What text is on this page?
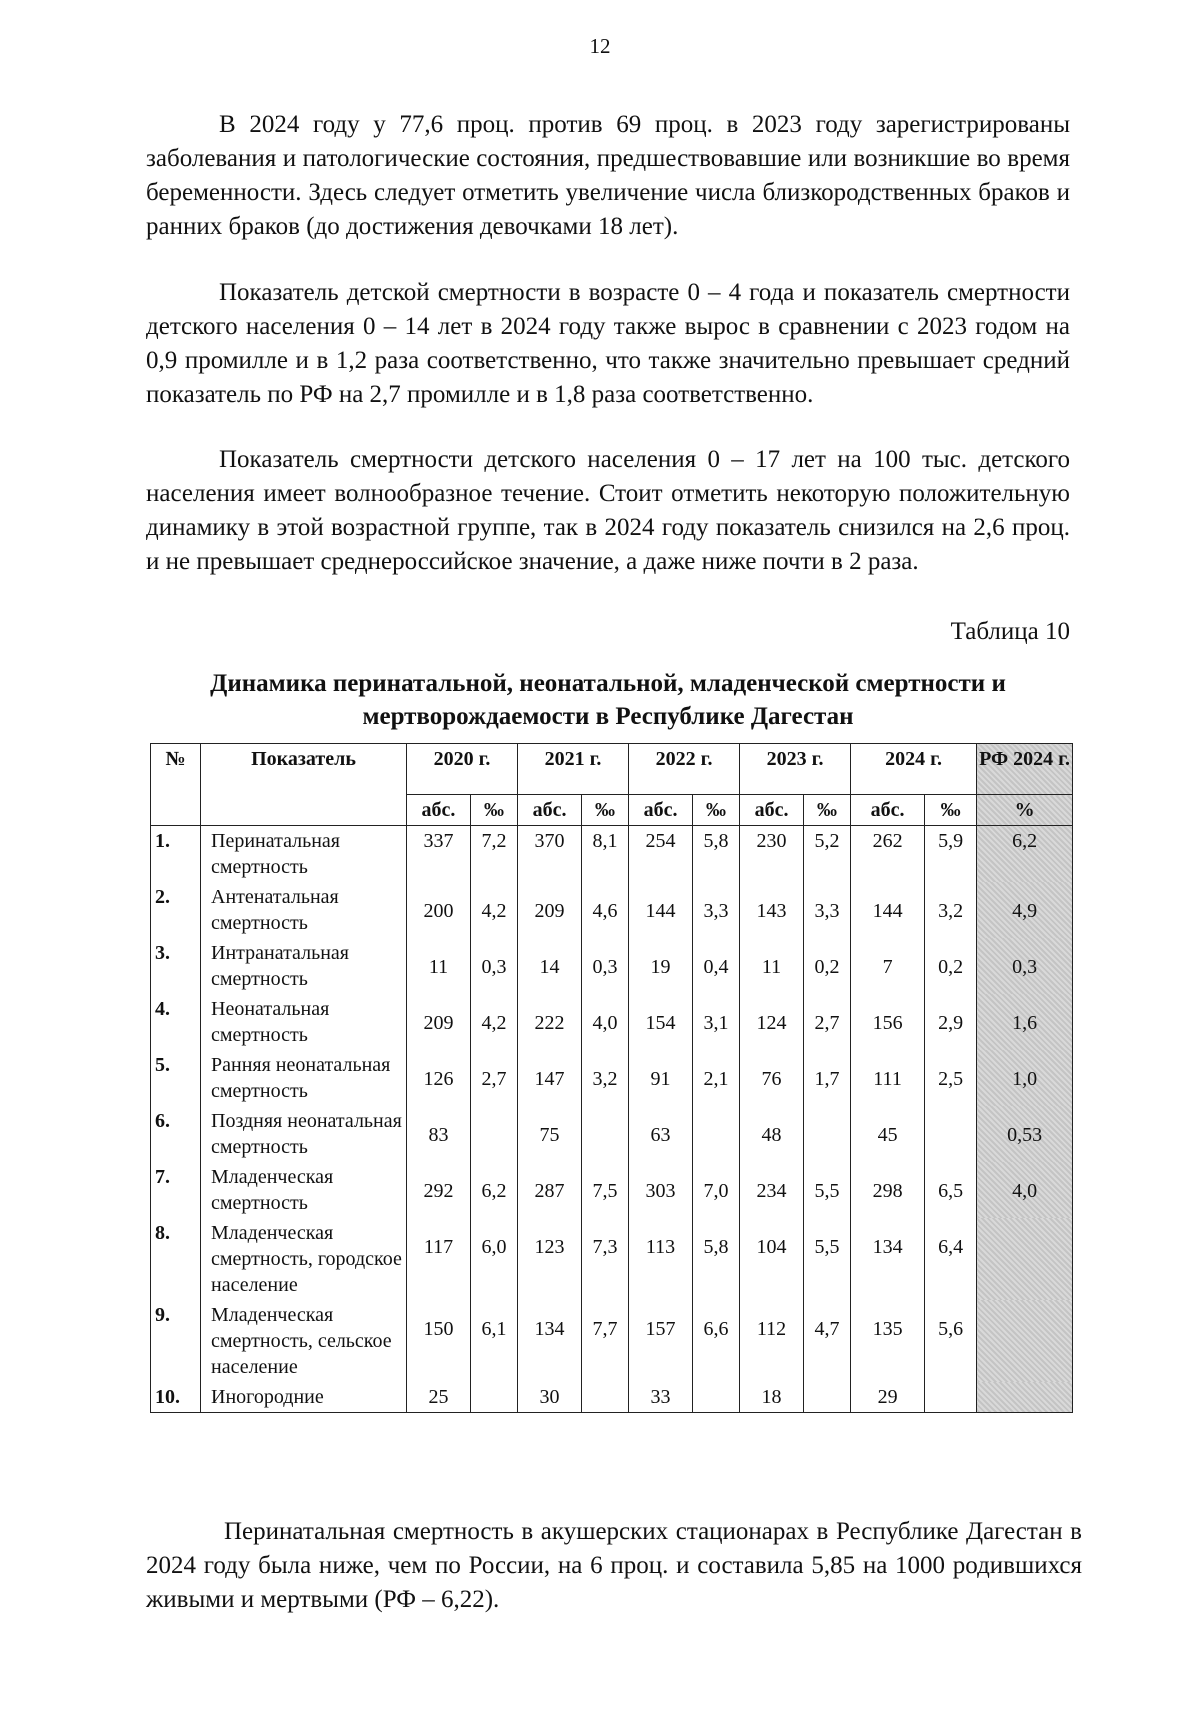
12

В 2024 году у 77,6 проц. против 69 проц. в 2023 году зарегистрированы заболевания и патологические состояния, предшествовавшие или возникшие во время беременности. Здесь следует отметить увеличение числа близкородственных браков и ранних браков (до достижения девочками 18 лет).

Показатель детской смертности в возрасте 0 – 4 года и показатель смертности детского населения 0 – 14 лет в 2024 году также вырос в сравнении с 2023 годом на 0,9 промилле и в 1,2 раза соответственно, что также значительно превышает средний показатель по РФ на 2,7 промилле и в 1,8 раза соответственно.

Показатель смертности детского населения 0 – 17 лет на 100 тыс. детского населения имеет волнообразное течение. Стоит отметить некоторую положительную динамику в этой возрастной группе, так в 2024 году показатель снизился на 2,6 проц. и не превышает среднероссийское значение, а даже ниже почти в 2 раза.

Таблица 10
Динамика перинатальной, неонатальной, младенческой смертности и
мертворождаемости в Республике Дагестан
№	Показатель	2020 г.		2021 г.		2022 г.		2023 г.		2024 г.		РФ 2024 г.
		абс.	‰	абс.	‰	абс.	‰	абс.	‰	абс.	‰	%
1.	Перинатальная смертность	337	7,2	370	8,1	254	5,8	230	5,2	262	5,9	6,2
2.	Антенатальная смертность	200	4,2	209	4,6	144	3,3	143	3,3	144	3,2	4,9
3.	Интранатальная смертность	11	0,3	14	0,3	19	0,4	11	0,2	7	0,2	0,3
4.	Неонатальная смертность	209	4,2	222	4,0	154	3,1	124	2,7	156	2,9	1,6
5.	Ранняя неонатальная смертность	126	2,7	147	3,2	91	2,1	76	1,7	111	2,5	1,0
6.	Поздняя неонатальная смертность	83		75		63		48		45		0,53
7.	Младенческая смертность	292	6,2	287	7,5	303	7,0	234	5,5	298	6,5	4,0
8.	Младенческая смертность, городское население	117	6,0	123	7,3	113	5,8	104	5,5	134	6,4	
9.	Младенческая смертность, сельское население	150	6,1	134	7,7	157	6,6	112	4,7	135	5,6	
10.	Иногородние	25		30		33		18		29		

Перинатальная смертность в акушерских стационарах в Республике Дагестан в 2024 году была ниже, чем по России, на 6 проц. и составила 5,85 на 1000 родившихся живыми и мертвыми (РФ – 6,22).
